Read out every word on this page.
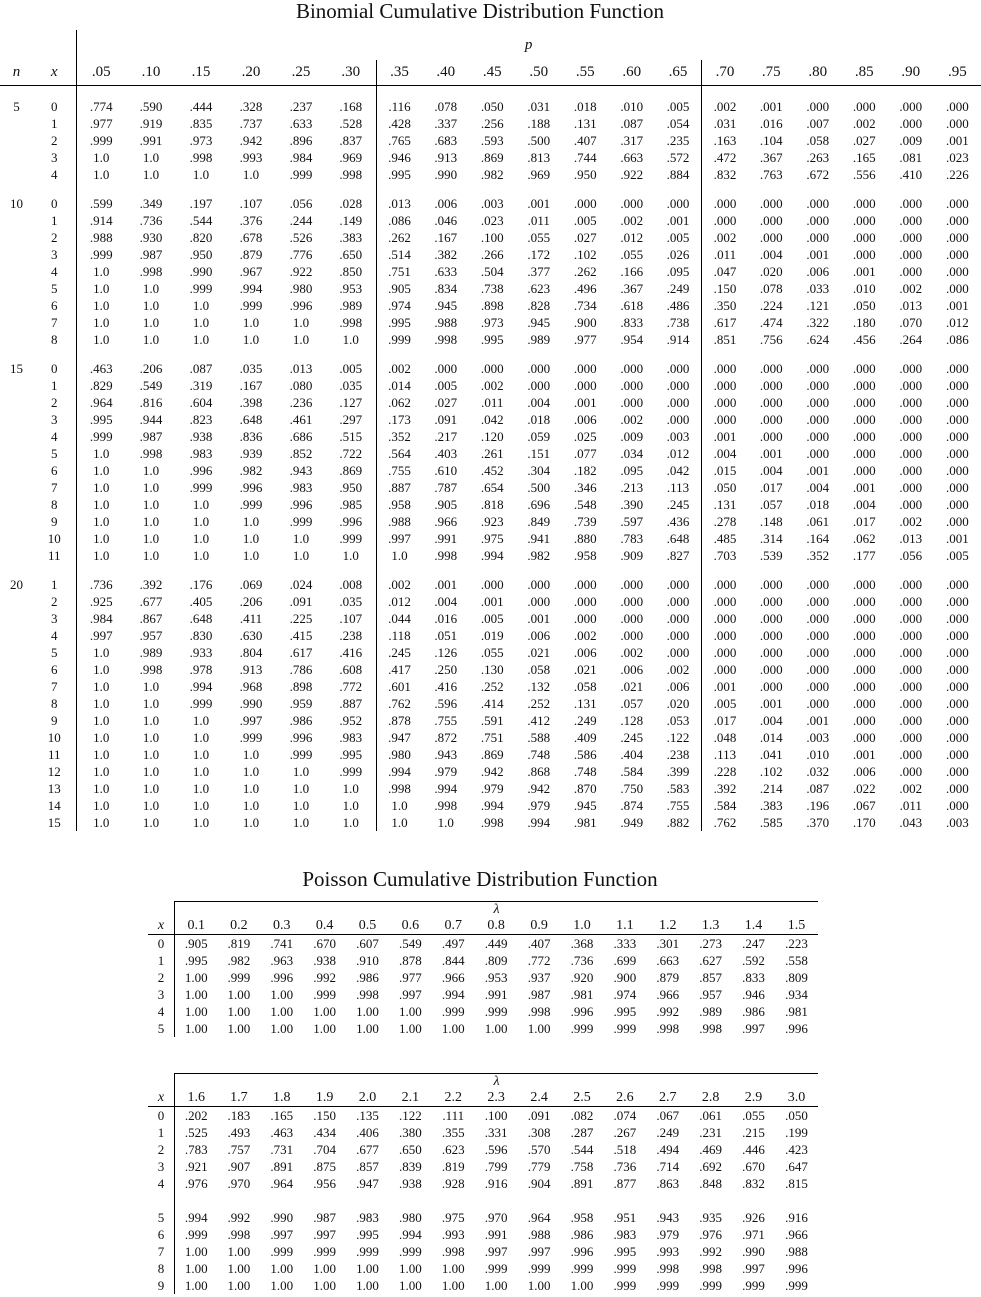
Binomial Cumulative Distribution Function
		p																		
n	x	.05	.10	.15	.20	.25	.30	.35	.40	.45	.50	.55	.60	.65	.70	.75	.80	.85	.90	.95

5	0	.774	.590	.444	.328	.237	.168	.116	.078	.050	.031	.018	.010	.005	.002	.001	.000	.000	.000	.000
	1	.977	.919	.835	.737	.633	.528	.428	.337	.256	.188	.131	.087	.054	.031	.016	.007	.002	.000	.000
	2	.999	.991	.973	.942	.896	.837	.765	.683	.593	.500	.407	.317	.235	.163	.104	.058	.027	.009	.001
	3	1.0	1.0	.998	.993	.984	.969	.946	.913	.869	.813	.744	.663	.572	.472	.367	.263	.165	.081	.023
	4	1.0	1.0	1.0	1.0	.999	.998	.995	.990	.982	.969	.950	.922	.884	.832	.763	.672	.556	.410	.226

10	0	.599	.349	.197	.107	.056	.028	.013	.006	.003	.001	.000	.000	.000	.000	.000	.000	.000	.000	.000
	1	.914	.736	.544	.376	.244	.149	.086	.046	.023	.011	.005	.002	.001	.000	.000	.000	.000	.000	.000
	2	.988	.930	.820	.678	.526	.383	.262	.167	.100	.055	.027	.012	.005	.002	.000	.000	.000	.000	.000
	3	.999	.987	.950	.879	.776	.650	.514	.382	.266	.172	.102	.055	.026	.011	.004	.001	.000	.000	.000
	4	1.0	.998	.990	.967	.922	.850	.751	.633	.504	.377	.262	.166	.095	.047	.020	.006	.001	.000	.000
	5	1.0	1.0	.999	.994	.980	.953	.905	.834	.738	.623	.496	.367	.249	.150	.078	.033	.010	.002	.000
	6	1.0	1.0	1.0	.999	.996	.989	.974	.945	.898	.828	.734	.618	.486	.350	.224	.121	.050	.013	.001
	7	1.0	1.0	1.0	1.0	1.0	.998	.995	.988	.973	.945	.900	.833	.738	.617	.474	.322	.180	.070	.012
	8	1.0	1.0	1.0	1.0	1.0	1.0	.999	.998	.995	.989	.977	.954	.914	.851	.756	.624	.456	.264	.086

15	0	.463	.206	.087	.035	.013	.005	.002	.000	.000	.000	.000	.000	.000	.000	.000	.000	.000	.000	.000
	1	.829	.549	.319	.167	.080	.035	.014	.005	.002	.000	.000	.000	.000	.000	.000	.000	.000	.000	.000
	2	.964	.816	.604	.398	.236	.127	.062	.027	.011	.004	.001	.000	.000	.000	.000	.000	.000	.000	.000
	3	.995	.944	.823	.648	.461	.297	.173	.091	.042	.018	.006	.002	.000	.000	.000	.000	.000	.000	.000
	4	.999	.987	.938	.836	.686	.515	.352	.217	.120	.059	.025	.009	.003	.001	.000	.000	.000	.000	.000
	5	1.0	.998	.983	.939	.852	.722	.564	.403	.261	.151	.077	.034	.012	.004	.001	.000	.000	.000	.000
	6	1.0	1.0	.996	.982	.943	.869	.755	.610	.452	.304	.182	.095	.042	.015	.004	.001	.000	.000	.000
	7	1.0	1.0	.999	.996	.983	.950	.887	.787	.654	.500	.346	.213	.113	.050	.017	.004	.001	.000	.000
	8	1.0	1.0	1.0	.999	.996	.985	.958	.905	.818	.696	.548	.390	.245	.131	.057	.018	.004	.000	.000
	9	1.0	1.0	1.0	1.0	.999	.996	.988	.966	.923	.849	.739	.597	.436	.278	.148	.061	.017	.002	.000
	10	1.0	1.0	1.0	1.0	1.0	.999	.997	.991	.975	.941	.880	.783	.648	.485	.314	.164	.062	.013	.001
	11	1.0	1.0	1.0	1.0	1.0	1.0	1.0	.998	.994	.982	.958	.909	.827	.703	.539	.352	.177	.056	.005

20	1	.736	.392	.176	.069	.024	.008	.002	.001	.000	.000	.000	.000	.000	.000	.000	.000	.000	.000	.000
	2	.925	.677	.405	.206	.091	.035	.012	.004	.001	.000	.000	.000	.000	.000	.000	.000	.000	.000	.000
	3	.984	.867	.648	.411	.225	.107	.044	.016	.005	.001	.000	.000	.000	.000	.000	.000	.000	.000	.000
	4	.997	.957	.830	.630	.415	.238	.118	.051	.019	.006	.002	.000	.000	.000	.000	.000	.000	.000	.000
	5	1.0	.989	.933	.804	.617	.416	.245	.126	.055	.021	.006	.002	.000	.000	.000	.000	.000	.000	.000
	6	1.0	.998	.978	.913	.786	.608	.417	.250	.130	.058	.021	.006	.002	.000	.000	.000	.000	.000	.000
	7	1.0	1.0	.994	.968	.898	.772	.601	.416	.252	.132	.058	.021	.006	.001	.000	.000	.000	.000	.000
	8	1.0	1.0	.999	.990	.959	.887	.762	.596	.414	.252	.131	.057	.020	.005	.001	.000	.000	.000	.000
	9	1.0	1.0	1.0	.997	.986	.952	.878	.755	.591	.412	.249	.128	.053	.017	.004	.001	.000	.000	.000
	10	1.0	1.0	1.0	.999	.996	.983	.947	.872	.751	.588	.409	.245	.122	.048	.014	.003	.000	.000	.000
	11	1.0	1.0	1.0	1.0	.999	.995	.980	.943	.869	.748	.586	.404	.238	.113	.041	.010	.001	.000	.000
	12	1.0	1.0	1.0	1.0	1.0	.999	.994	.979	.942	.868	.748	.584	.399	.228	.102	.032	.006	.000	.000
	13	1.0	1.0	1.0	1.0	1.0	1.0	.998	.994	.979	.942	.870	.750	.583	.392	.214	.087	.022	.002	.000
	14	1.0	1.0	1.0	1.0	1.0	1.0	1.0	.998	.994	.979	.945	.874	.755	.584	.383	.196	.067	.011	.000
	15	1.0	1.0	1.0	1.0	1.0	1.0	1.0	1.0	.998	.994	.981	.949	.882	.762	.585	.370	.170	.043	.003
Poisson Cumulative Distribution Function
	λ														
x	0.1	0.2	0.3	0.4	0.5	0.6	0.7	0.8	0.9	1.0	1.1	1.2	1.3	1.4	1.5
0	.905	.819	.741	.670	.607	.549	.497	.449	.407	.368	.333	.301	.273	.247	.223
1	.995	.982	.963	.938	.910	.878	.844	.809	.772	.736	.699	.663	.627	.592	.558
2	1.00	.999	.996	.992	.986	.977	.966	.953	.937	.920	.900	.879	.857	.833	.809
3	1.00	1.00	1.00	.999	.998	.997	.994	.991	.987	.981	.974	.966	.957	.946	.934
4	1.00	1.00	1.00	1.00	1.00	1.00	.999	.999	.998	.996	.995	.992	.989	.986	.981
5	1.00	1.00	1.00	1.00	1.00	1.00	1.00	1.00	1.00	.999	.999	.998	.998	.997	.996
	λ														
x	1.6	1.7	1.8	1.9	2.0	2.1	2.2	2.3	2.4	2.5	2.6	2.7	2.8	2.9	3.0
0	.202	.183	.165	.150	.135	.122	.111	.100	.091	.082	.074	.067	.061	.055	.050
1	.525	.493	.463	.434	.406	.380	.355	.331	.308	.287	.267	.249	.231	.215	.199
2	.783	.757	.731	.704	.677	.650	.623	.596	.570	.544	.518	.494	.469	.446	.423
3	.921	.907	.891	.875	.857	.839	.819	.799	.779	.758	.736	.714	.692	.670	.647
4	.976	.970	.964	.956	.947	.938	.928	.916	.904	.891	.877	.863	.848	.832	.815

5	.994	.992	.990	.987	.983	.980	.975	.970	.964	.958	.951	.943	.935	.926	.916
6	.999	.998	.997	.997	.995	.994	.993	.991	.988	.986	.983	.979	.976	.971	.966
7	1.00	1.00	.999	.999	.999	.999	.998	.997	.997	.996	.995	.993	.992	.990	.988
8	1.00	1.00	1.00	1.00	1.00	1.00	1.00	.999	.999	.999	.999	.998	.998	.997	.996
9	1.00	1.00	1.00	1.00	1.00	1.00	1.00	1.00	1.00	1.00	.999	.999	.999	.999	.999
